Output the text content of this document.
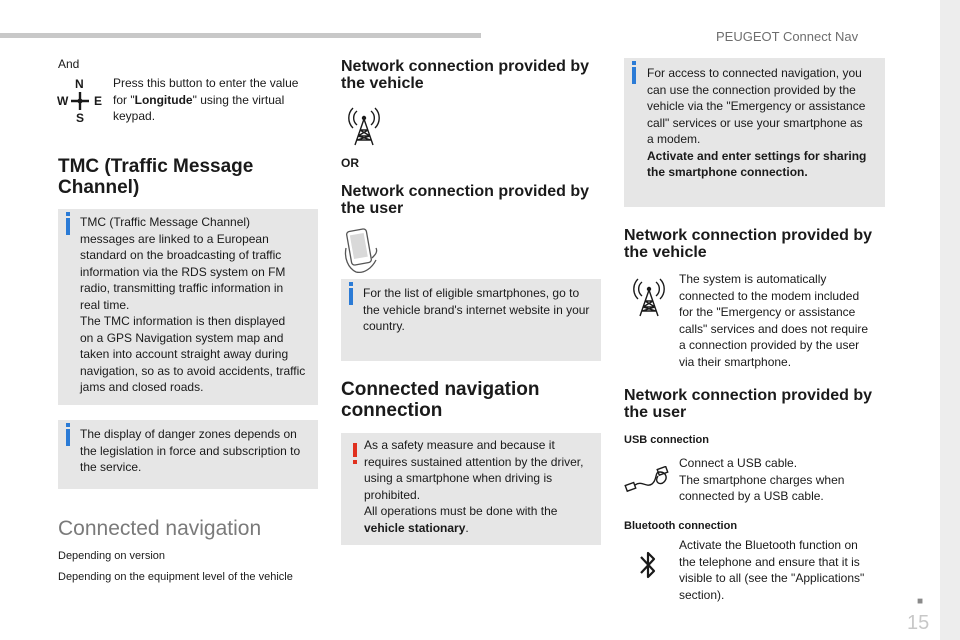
PEUGEOT Connect Nav
■
15
And
N
W E
S
Press this button to enter the value for "Longitude" using the virtual keypad.
TMC (Traffic Message
Channel)
TMC (Traffic Message Channel)
messages are linked to a European
standard on the broadcasting of traffic
information via the RDS system on FM
radio, transmitting traffic information in
real time.
The TMC information is then displayed
on a GPS Navigation system map and
taken into account straight away during
navigation, so as to avoid accidents, traffic
jams and closed roads.
The display of danger zones depends on
the legislation in force and subscription to
the service.
Connected navigation
Depending on version
Depending on the equipment level of the vehicle
Network connection provided by
the vehicle
OR
Network connection provided by
the user
For the list of eligible smartphones, go to
the vehicle brand's internet website in your
country.
Connected navigation
connection
As a safety measure and because it
requires sustained attention by the driver,
using a smartphone when driving is
prohibited.
All operations must be done with the
vehicle stationary.
For access to connected navigation, you
can use the connection provided by the
vehicle via the "Emergency or assistance
call" services or use your smartphone as
a modem.
Activate and enter settings for sharing
the smartphone connection.
Network connection provided by
the vehicle
The system is automatically
connected to the modem included
for the "Emergency or assistance
calls" services and does not require
a connection provided by the user
via their smartphone.
Network connection provided by
the user
USB connection
Connect a USB cable.
The smartphone charges when
connected by a USB cable.
Bluetooth connection
Activate the Bluetooth function on
the telephone and ensure that it is
visible to all (see the "Applications"
section).
